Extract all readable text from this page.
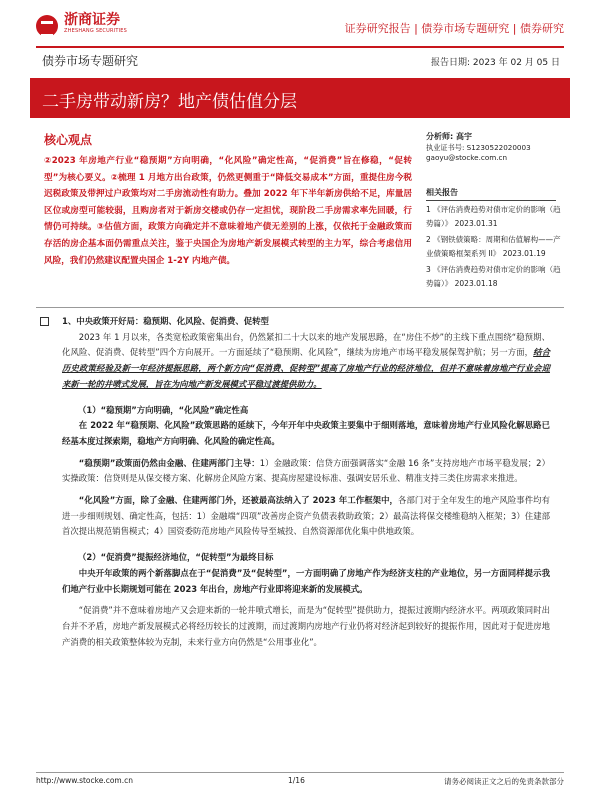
浙商证券
ZHESHANG SECURITIES	证券研究报告 | 债券市场专题研究 | 债券研究
债券市场专题研究	报告日期: 2023 年 02 月 05 日
二手房带动新房？地产债估值分层
核心观点
②2023 年房地产行业“稳预期”方向明确，“化风险”确定性高，“促消费”旨在修稳，“促转型”为核心要义。②梳理 1 月地方出台政策，仍然更侧重于“降低交易成本”方面，重提住房今税迟税政策及带押过户政策均对二手房流动性有助力。叠加 2022 年下半年新房供给不足，库量居区位或房型可能较弱，且购房者对于新房交楼或仍存一定担忧，现阶段二手房需求率先回暖，行情仍可持续。③估值方面，政策方向确定并不意味着地产债无差别的上涨，仅依托于金融政策而存活的房企基本面仍需重点关注，鉴于央国企为房地产新发展模式转型的主力军，综合考虑信用风险，我们仍然建议配置央国企 1-2Y 内地产债。
分析师: 高宇
执业证书号: S1230522020003
gaoyu@stocke.com.cn
相关报告
1 《评估消费趋势对债市定价的影响（趋势篇）》 2023.01.31
2 《钢铁债策略：周期和估值解构——产业债策略框架系列 II》 2023.01.19
3 《评估消费趋势对债市定价的影响（趋势篇）》 2023.01.18

1、中央政策开好局：稳预期、化风险、促消费、促转型

2023 年 1 月以来，各类宽松政策密集出台，仍然紧扣二十大以来的地产发展思路，在“房住不炒”的主线下重点围绕“稳预期、化风险、促消费、促转型”四个方向展开。一方面延续了“稳预期、化风险”，继续为房地产市场平稳发展保驾护航；另一方面，结合历史政策经验及新一年经济提振思路，两个新方向“促消费、促转型”提高了房地产行业的经济地位，但并不意味着房地产行业会迎来新一轮的井喷式发展，旨在为向地产新发展模式平稳过渡提供助力。

（1）“稳预期”方向明确，“化风险”确定性高

在 2022 年“稳预期、化风险”政策思路的延续下，今年开年中央政策主要集中于细则落地，意味着房地产行业风险化解思路已经基本度过探索期，稳地产方向明确、化风险的确定性高。

“稳预期”政策面仍然由金融、住建两部门主导：1）金融政策：信贷方面强调落实“金融 16 条”支持房地产市场平稳发展；2）实操政策：信贷则是从保交楼方案、化解房企风险方案、提高房屋建设标准、强调安居乐业、精准支持三类住房需求来推进。

“化风险”方面，除了金融、住建两部门外，还被最高法纳入了 2023 年工作框架中，各部门对于全年发生的地产风险事件均有进一步细则规划、确定性高，包括：1）金融端“四项”改善房企资产负债表救助政策；2）最高法将保交楼维稳纳入框架；3）住建部首次提出规范销售模式；4）国资委防范房地产风险传导至城投、自然资源部优化集中供地政策。

（2）“促消费”提振经济地位，“促转型”为最终目标

中央开年政策的两个新落脚点在于“促消费”及“促转型”，一方面明确了房地产作为经济支柱的产业地位，另一方面同样提示我们地产行业中长期规划可能在 2023 年出台，房地产行业即将迎来新的发展模式。

“促消费”并不意味着房地产又会迎来新的一轮井喷式增长，而是为“促转型”提供助力，提振过渡期内经济水平。两项政策同时出台并不矛盾，房地产新发展模式必将经历较长的过渡期，而过渡期内房地产行业仍将对经济起到较好的提振作用，因此对于促进房地产消费的相关政策整体较为克制，未来行业方向仍然是“公用事业化”。

http://www.stocke.com.cn	1/16	请务必阅读正文之后的免责条款部分
